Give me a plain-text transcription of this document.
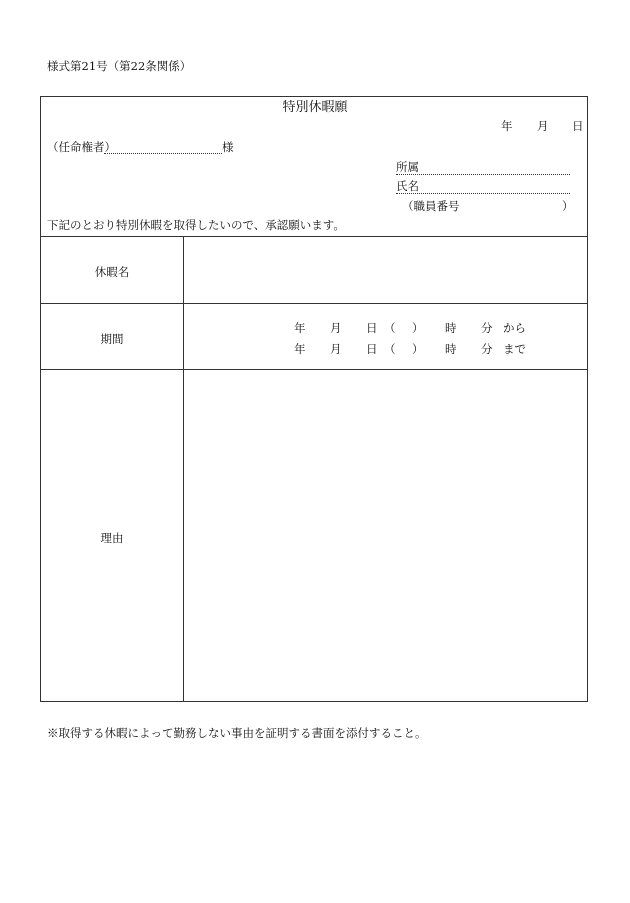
様式第21号（第22条関係）
特別休暇願
年 月 日
（任命権者）	様
所属
氏名
（職員番号	）
下記のとおり特別休暇を取得したいので、承認願います。
休暇名
期間
年 月 日 （ ） 時 分 から
年 月 日 （ ） 時 分 まで
理由
※取得する休暇によって勤務しない事由を証明する書面を添付すること。
